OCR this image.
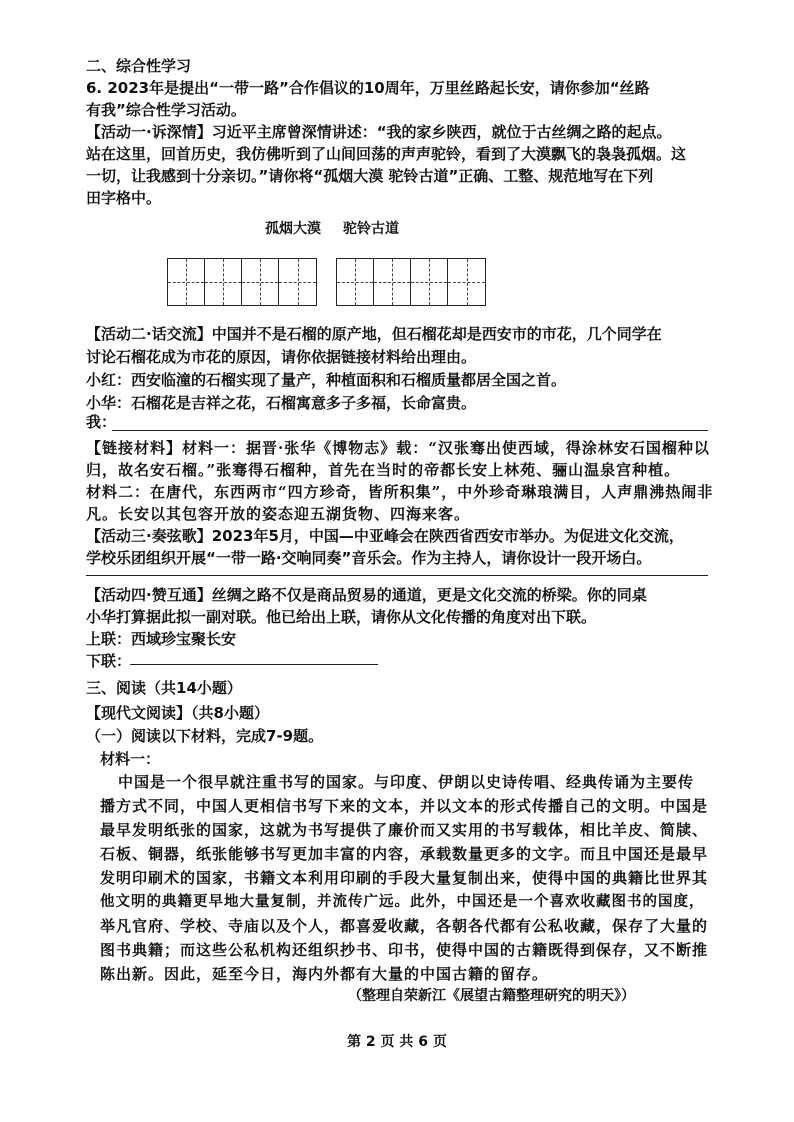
二、综合性学习
6. 2023年是提出“一带一路”合作倡议的10周年，万里丝路起长安，请你参加“丝路
有我”综合性学习活动。
【活动一·诉深情】习近平主席曾深情讲述：“我的家乡陕西，就位于古丝绸之路的起点。
站在这里，回首历史，我仿佛听到了山间回荡的声声驼铃，看到了大漠飘飞的袅袅孤烟。这
一切，让我感到十分亲切。”请你将“孤烟大漠 驼铃古道”正确、工整、规范地写在下列
田字格中。
孤烟大漠 驼铃古道
【活动二·话交流】中国并不是石榴的原产地，但石榴花却是西安市的市花，几个同学在
讨论石榴花成为市花的原因，请你依据链接材料给出理由。
小红：西安临潼的石榴实现了量产，种植面积和石榴质量都居全国之首。
小华：石榴花是吉祥之花，石榴寓意多子多福，长命富贵。
我：
【链接材料】材料一：据晋·张华《博物志》载：“汉张骞出使西域，得涂林安石国榴种以
归，故名安石榴。”张骞得石榴种，首先在当时的帝都长安上林苑、骊山温泉宫种植。
材料二：在唐代，东西两市“四方珍奇，皆所积集”，中外珍奇琳琅满目，人声鼎沸热闹非
凡。长安以其包容开放的姿态迎五湖货物、四海来客。
【活动三·奏弦歌】2023年5月，中国—中亚峰会在陕西省西安市举办。为促进文化交流，
学校乐团组织开展“一带一路·交响同奏”音乐会。作为主持人，请你设计一段开场白。
【活动四·赞互通】丝绸之路不仅是商品贸易的通道，更是文化交流的桥梁。你的同桌
小华打算据此拟一副对联。他已给出上联，请你从文化传播的角度对出下联。
上联：西域珍宝聚长安
下联：
三、阅读（共14小题）
【现代文阅读】（共8小题）
（一）阅读以下材料，完成7-9题。
材料一：
中国是一个很早就注重书写的国家。与印度、伊朗以史诗传唱、经典传诵为主要传
播方式不同，中国人更相信书写下来的文本，并以文本的形式传播自己的文明。中国是
最早发明纸张的国家，这就为书写提供了廉价而又实用的书写载体，相比羊皮、简牍、
石板、铜器，纸张能够书写更加丰富的内容，承载数量更多的文字。而且中国还是最早
发明印刷术的国家，书籍文本利用印刷的手段大量复制出来，使得中国的典籍比世界其
他文明的典籍更早地大量复制，并流传广远。此外，中国还是一个喜欢收藏图书的国度，
举凡官府、学校、寺庙以及个人，都喜爱收藏，各朝各代都有公私收藏，保存了大量的
图书典籍；而这些公私机构还组织抄书、印书，使得中国的古籍既得到保存，又不断推
陈出新。因此，延至今日，海内外都有大量的中国古籍的留存。
（整理自荣新江《展望古籍整理研究的明天》）
第 2 页 共 6 页
